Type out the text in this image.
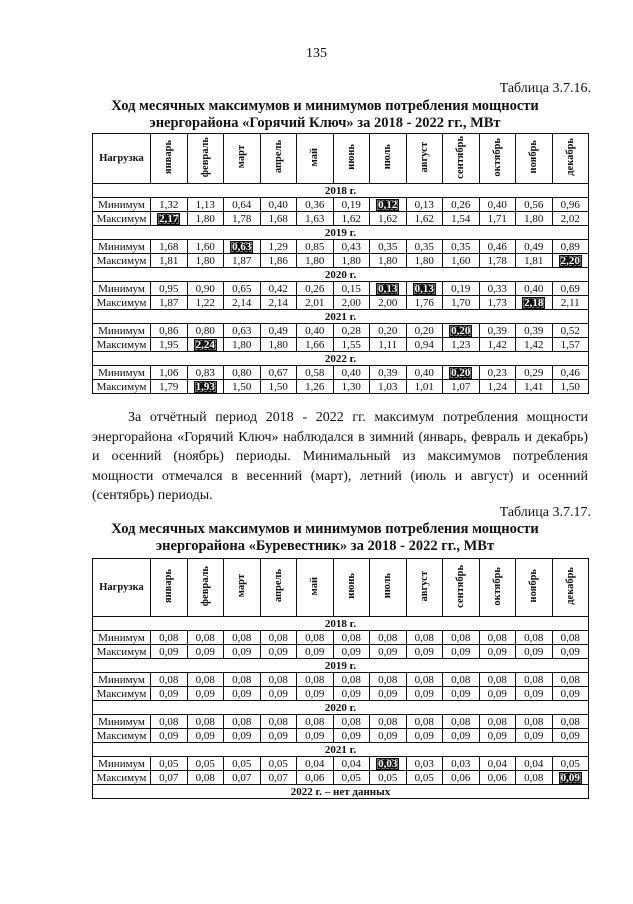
135
Таблица 3.7.16.
Ход месячных максимумов и минимумов потребления мощности
энергорайона «Горячий Ключ» за 2018 - 2022 гг., МВт
Нагрузка	январь	февраль	март	апрель	май	июнь	июль	август	сентябрь	октябрь	ноябрь	декабрь
2018 г.												
Минимум	1,32	1,13	0,64	0,40	0,36	0,19	0,12	0,13	0,26	0,40	0,56	0,96
Максимум	2,17	1,80	1,78	1,68	1,63	1,62	1,62	1,62	1,54	1,71	1,80	2,02
2019 г.												
Минимум	1,68	1,60	0,63	1,29	0,85	0,43	0,35	0,35	0,35	0,46	0,49	0,89
Максимум	1,81	1,80	1,87	1,86	1,80	1,80	1,80	1,80	1,60	1,78	1,81	2,20
2020 г.												
Минимум	0,95	0,90	0,65	0,42	0,26	0,15	0,13	0,13	0,19	0,33	0,40	0,69
Максимум	1,87	1,22	2,14	2,14	2,01	2,00	2,00	1,76	1,70	1,73	2,18	2,11
2021 г.												
Минимум	0,86	0,80	0,63	0,49	0,40	0,28	0,20	0,20	0,20	0,39	0,39	0,52
Максимум	1,95	2,24	1,80	1,80	1,66	1,55	1,11	0,94	1,23	1,42	1,42	1,57
2022 г.												
Минимум	1,06	0,83	0,80	0,67	0,58	0,40	0,39	0,40	0,20	0,23	0,29	0,46
Максимум	1,79	1,93	1,50	1,50	1,26	1,30	1,03	1,01	1,07	1,24	1,41	1,50

За отчётный период 2018 - 2022 гг. максимум потребления мощности энергорайона «Горячий Ключ» наблюдался в зимний (январь, февраль и декабрь) и осенний (ноябрь) периоды. Минимальный из максимумов потребления мощности отмечался в весенний (март), летний (июль и август) и осенний (сентябрь) периоды.

Таблица 3.7.17.
Ход месячных максимумов и минимумов потребления мощности
энергорайона «Буревестник» за 2018 - 2022 гг., МВт
Нагрузка	январь	февраль	март	апрель	май	июнь	июль	август	сентябрь	октябрь	ноябрь	декабрь
2018 г.												
Минимум	0,08	0,08	0,08	0,08	0,08	0,08	0,08	0,08	0,08	0,08	0,08	0,08
Максимум	0,09	0,09	0,09	0,09	0,09	0,09	0,09	0,09	0,09	0,09	0,09	0,09
2019 г.												
Минимум	0,08	0,08	0,08	0,08	0,08	0,08	0,08	0,08	0,08	0,08	0,08	0,08
Максимум	0,09	0,09	0,09	0,09	0,09	0,09	0,09	0,09	0,09	0,09	0,09	0,09
2020 г.												
Минимум	0,08	0,08	0,08	0,08	0,08	0,08	0,08	0,08	0,08	0,08	0,08	0,08
Максимум	0,09	0,09	0,09	0,09	0,09	0,09	0,09	0,09	0,09	0,09	0,09	0,09
2021 г.												
Минимум	0,05	0,05	0,05	0,05	0,04	0,04	0,03	0,03	0,03	0,04	0,04	0,05
Максимум	0,07	0,08	0,07	0,07	0,06	0,05	0,05	0,05	0,06	0,06	0,08	0,09
2022 г. – нет данных												
